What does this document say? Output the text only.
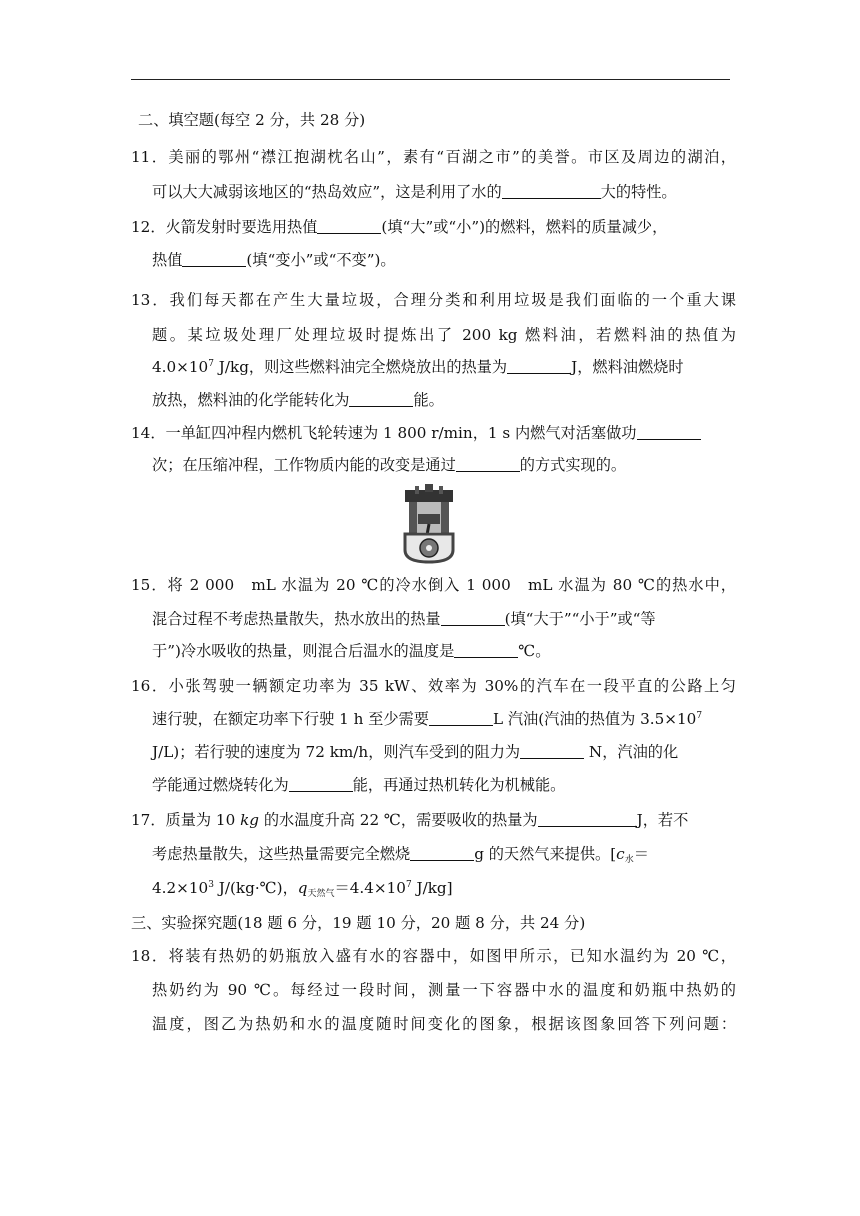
二、填空题(每空 2 分，共 28 分)
11．美丽的鄂州“襟江抱湖枕名山”，素有“百湖之市”的美誉。市区及周边的湖泊，
可以大大减弱该地区的“热岛效应”，这是利用了水的	大的特性。
12．火箭发射时要选用热值	(填“大”或“小”)的燃料，燃料的质量减少，
热值	(填“变小”或“不变”)。
13．我们每天都在产生大量垃圾，合理分类和利用垃圾是我们面临的一个重大课
题。某垃圾处理厂处理垃圾时提炼出了 200 kg 燃料油，若燃料油的热值为
$4.0\times 10^7$ J/kg，则这些燃料油完全燃烧放出的热量为	J，燃料油燃烧时
放热，燃料油的化学能转化为	能。
14．一单缸四冲程内燃机飞轮转速为 1 800 r/min，1 s 内燃气对活塞做功
次；在压缩冲程，工作物质内能的改变是通过	的方式实现的。
15．将 2 000　mL 水温为 20 ℃的冷水倒入 1 000　mL 水温为 80 ℃的热水中，
混合过程不考虑热量散失，热水放出的热量	(填“大于”“小于”或“等
于”)冷水吸收的热量，则混合后温水的温度是	℃。
16．小张驾驶一辆额定功率为 35 kW、效率为 30%的汽车在一段平直的公路上匀
速行驶，在额定功率下行驶 1 h 至少需要	L 汽油(汽油的热值为 $3.5\times 10^7$
J/L)；若行驶的速度为 72 km/h，则汽车受到的阻力为	N，汽油的化
学能通过燃烧转化为	能，再通过热机转化为机械能。
17．质量为 10 kg 的水温度升高 22 ℃，需要吸收的热量为	J，若不
考虑热量散失，这些热量需要完全燃烧	g 的天然气来提供。[$c_水=$
$4.2\times 10^3$ J/(kg·℃)，$q_{天然气}=4.4\times 10^7$ J/kg]
三、实验探究题(18 题 6 分，19 题 10 分，20 题 8 分，共 24 分)
18．将装有热奶的奶瓶放入盛有水的容器中，如图甲所示，已知水温约为 20 ℃，
热奶约为 90 ℃。每经过一段时间，测量一下容器中水的温度和奶瓶中热奶的
温度，图乙为热奶和水的温度随时间变化的图象，根据该图象回答下列问题：
